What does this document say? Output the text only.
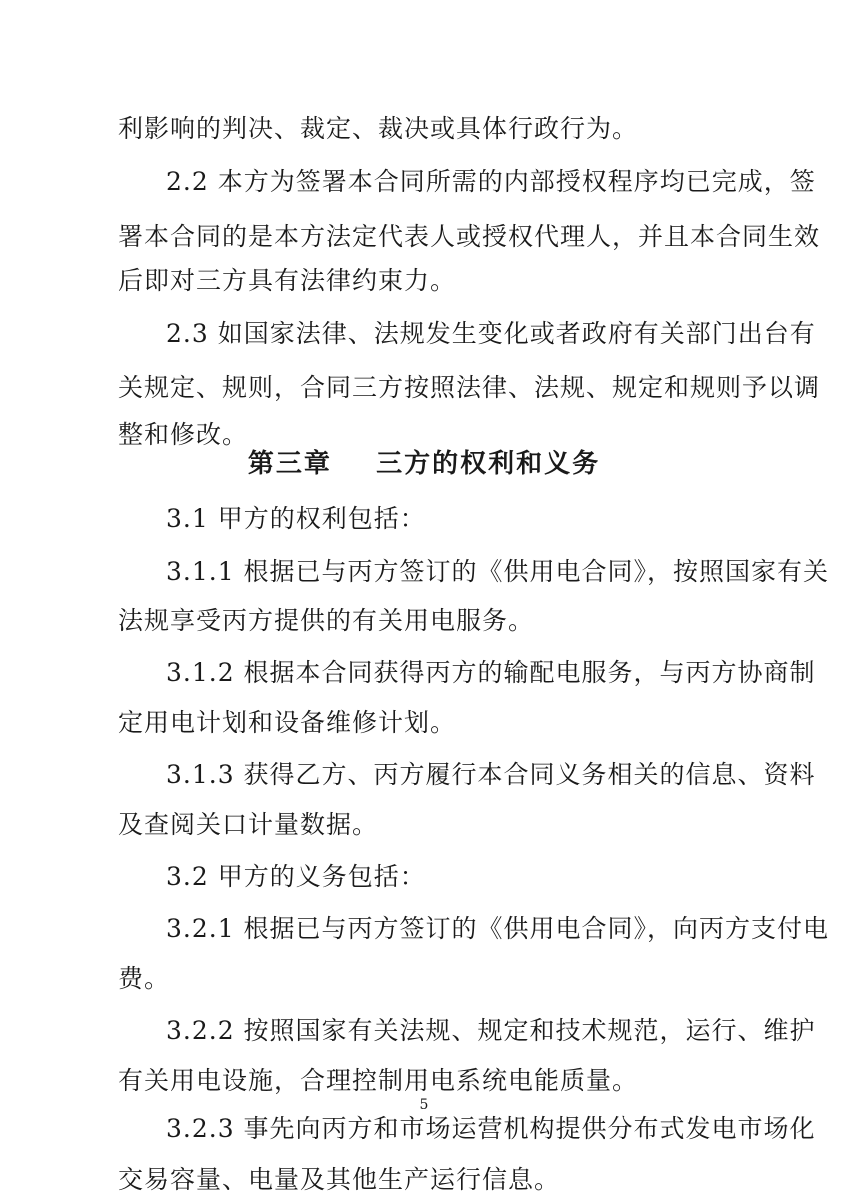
利影响的判决、裁定、裁决或具体行政行为。
2.2 本方为签署本合同所需的内部授权程序均已完成，签
署本合同的是本方法定代表人或授权代理人，并且本合同生效
后即对三方具有法律约束力。
2.3 如国家法律、法规发生变化或者政府有关部门出台有
关规定、规则，合同三方按照法律、法规、规定和规则予以调
整和修改。
第三章    三方的权利和义务
3.1 甲方的权利包括：
3.1.1 根据已与丙方签订的《供用电合同》，按照国家有关
法规享受丙方提供的有关用电服务。
3.1.2 根据本合同获得丙方的输配电服务，与丙方协商制
定用电计划和设备维修计划。
3.1.3 获得乙方、丙方履行本合同义务相关的信息、资料
及查阅关口计量数据。
3.2 甲方的义务包括：
3.2.1 根据已与丙方签订的《供用电合同》，向丙方支付电
费。
3.2.2 按照国家有关法规、规定和技术规范，运行、维护
有关用电设施，合理控制用电系统电能质量。
3.2.3 事先向丙方和市场运营机构提供分布式发电市场化
交易容量、电量及其他生产运行信息。
5
